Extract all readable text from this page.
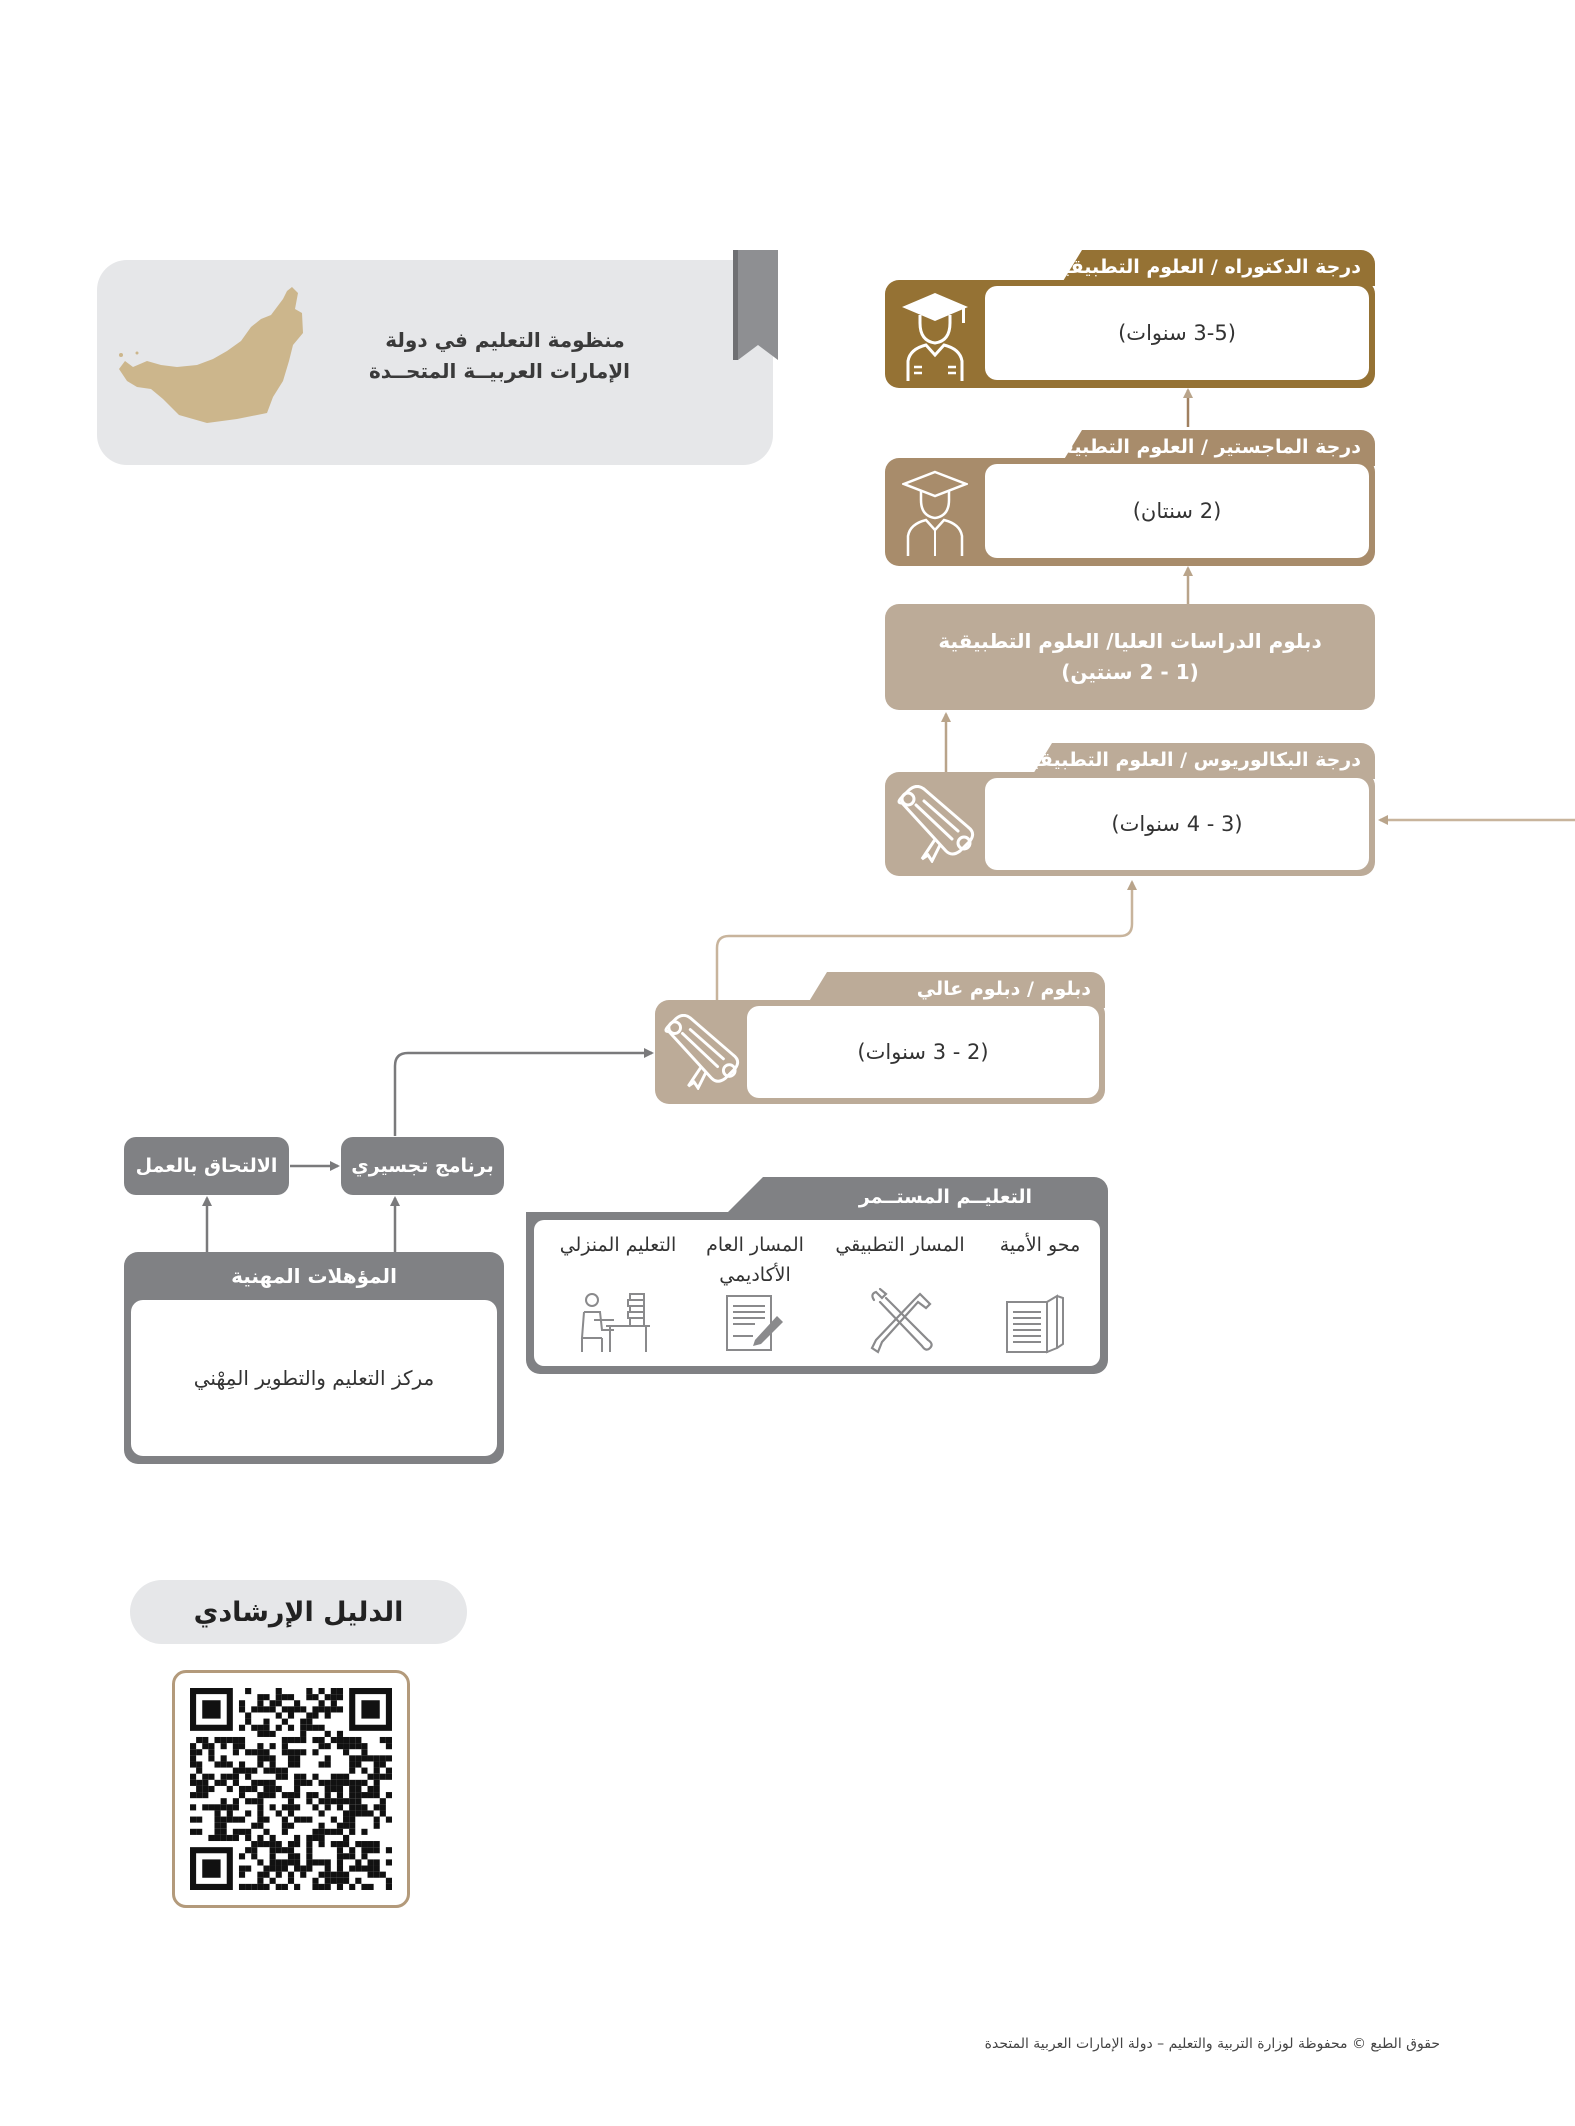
منظومة التعليم في دولة
الإمارات العربيــة المتحــدة
درجة الدكتوراه / العلوم التطبيقية
(3-5 سنوات)
درجة الماجستير / العلوم التطبيقية
(2 سنتان)
دبلوم الدراسات العليا/ العلوم التطبيقية
(1 - 2 سنتين)
درجة البكالوريوس / العلوم التطبيقية
(3 - 4 سنوات)
دبلوم / دبلوم عالي
(2 - 3 سنوات)
برنامج تجسيري
الالتحاق بالعمل
المؤهلات المهنية
مركز التعليم والتطوير المِهْني
التعليــم المستــمر
محو الأمية
المسار التطبيقي
المسار العام الأكاديمي
التعليم المنزلي
الدليل الإرشادي
حقوق الطبع © محفوظة لوزارة التربية والتعليم – دولة الإمارات العربية المتحدة
